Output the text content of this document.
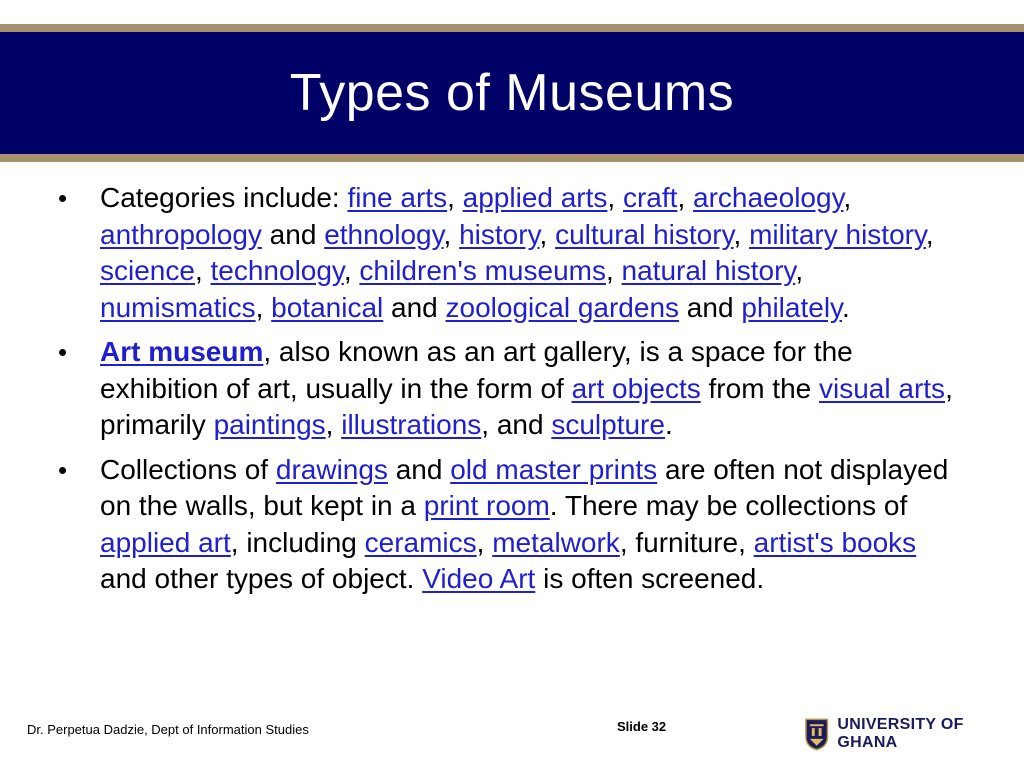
Types of Museums
• Categories include: fine arts, applied arts, craft, archaeology, anthropology and ethnology, history, cultural history, military history, science, technology, children's museums, natural history, numismatics, botanical and zoological gardens and philately.
• Art museum, also known as an art gallery, is a space for the exhibition of art, usually in the form of art objects from the visual arts, primarily paintings, illustrations, and sculpture.
• Collections of drawings and old master prints are often not displayed on the walls, but kept in a print room. There may be collections of applied art, including ceramics, metalwork, furniture, artist's books and other types of object. Video Art is often screened.
Dr. Perpetua Dadzie, Dept of Information Studies	Slide 32	UNIVERSITY OF GHANA
